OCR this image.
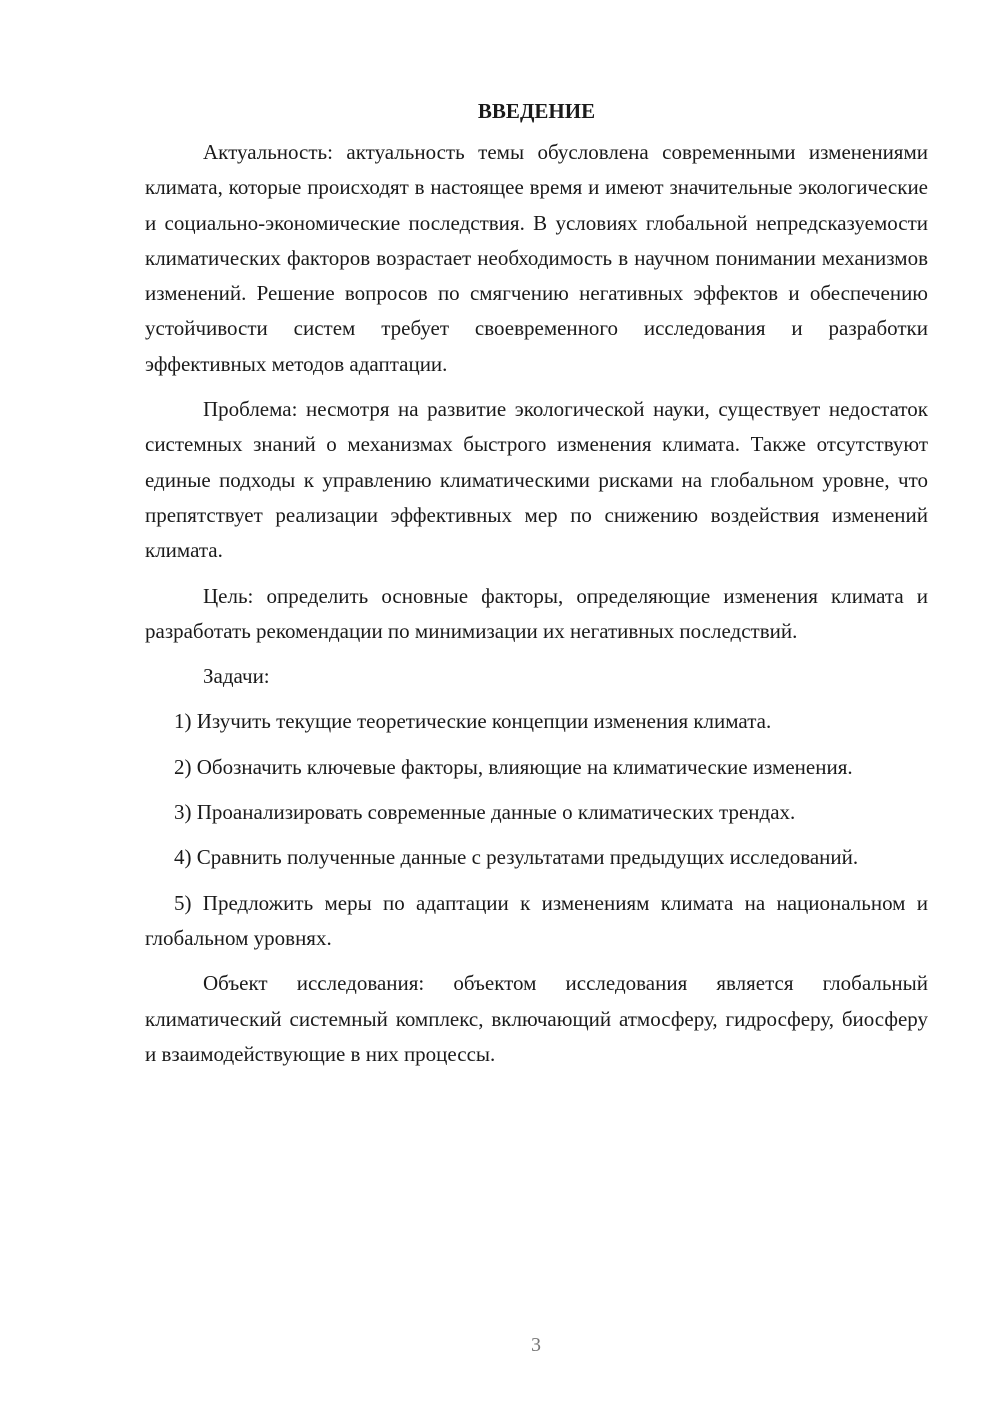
ВВЕДЕНИЕ

Актуальность: актуальность темы обусловлена современными изменениями климата, которые происходят в настоящее время и имеют значительные экологические и социально-экономические последствия. В условиях глобальной непредсказуемости климатических факторов возрастает необходимость в научном понимании механизмов изменений. Решение вопросов по смягчению негативных эффектов и обеспечению устойчивости систем требует своевременного исследования и разработки эффективных методов адаптации.

Проблема: несмотря на развитие экологической науки, существует недостаток системных знаний о механизмах быстрого изменения климата. Также отсутствуют единые подходы к управлению климатическими рисками на глобальном уровне, что препятствует реализации эффективных мер по снижению воздействия изменений климата.

Цель: определить основные факторы, определяющие изменения климата и разработать рекомендации по минимизации их негативных последствий.

Задачи:

1) Изучить текущие теоретические концепции изменения климата.

2) Обозначить ключевые факторы, влияющие на климатические изменения.

3) Проанализировать современные данные о климатических трендах.

4) Сравнить полученные данные с результатами предыдущих исследований.

5) Предложить меры по адаптации к изменениям климата на национальном и глобальном уровнях.

Объект исследования: объектом исследования является глобальный климатический системный комплекс, включающий атмосферу, гидросферу, биосферу и взаимодействующие в них процессы.

3
